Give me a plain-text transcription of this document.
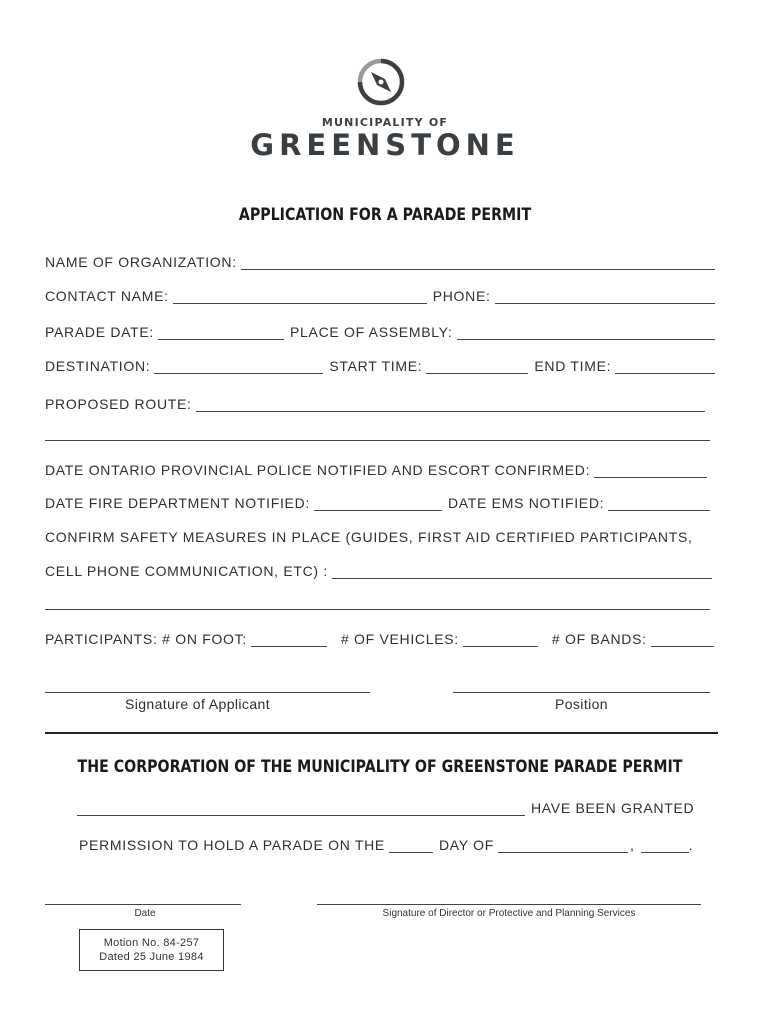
MUNICIPALITY OF
GREENSTONE
APPLICATION FOR A PARADE PERMIT
NAME OF ORGANIZATION:
CONTACT NAME:	PHONE:
PARADE DATE:	PLACE OF ASSEMBLY:
DESTINATION:	START TIME:	END TIME:
PROPOSED ROUTE:
DATE ONTARIO PROVINCIAL POLICE NOTIFIED AND ESCORT CONFIRMED:
DATE FIRE DEPARTMENT NOTIFIED:	DATE EMS NOTIFIED:
CONFIRM SAFETY MEASURES IN PLACE (GUIDES, FIRST AID CERTIFIED PARTICIPANTS,
CELL PHONE COMMUNICATION, ETC) :
PARTICIPANTS: # ON FOOT:	# OF VEHICLES:	# OF BANDS:
Signature of Applicant	Position
THE CORPORATION OF THE MUNICIPALITY OF GREENSTONE PARADE PERMIT
HAVE BEEN GRANTED
PERMISSION TO HOLD A PARADE ON THE	DAY OF	,	.
Date	Signature of Director or Protective and Planning Services
Motion No. 84-257
Dated 25 June 1984
